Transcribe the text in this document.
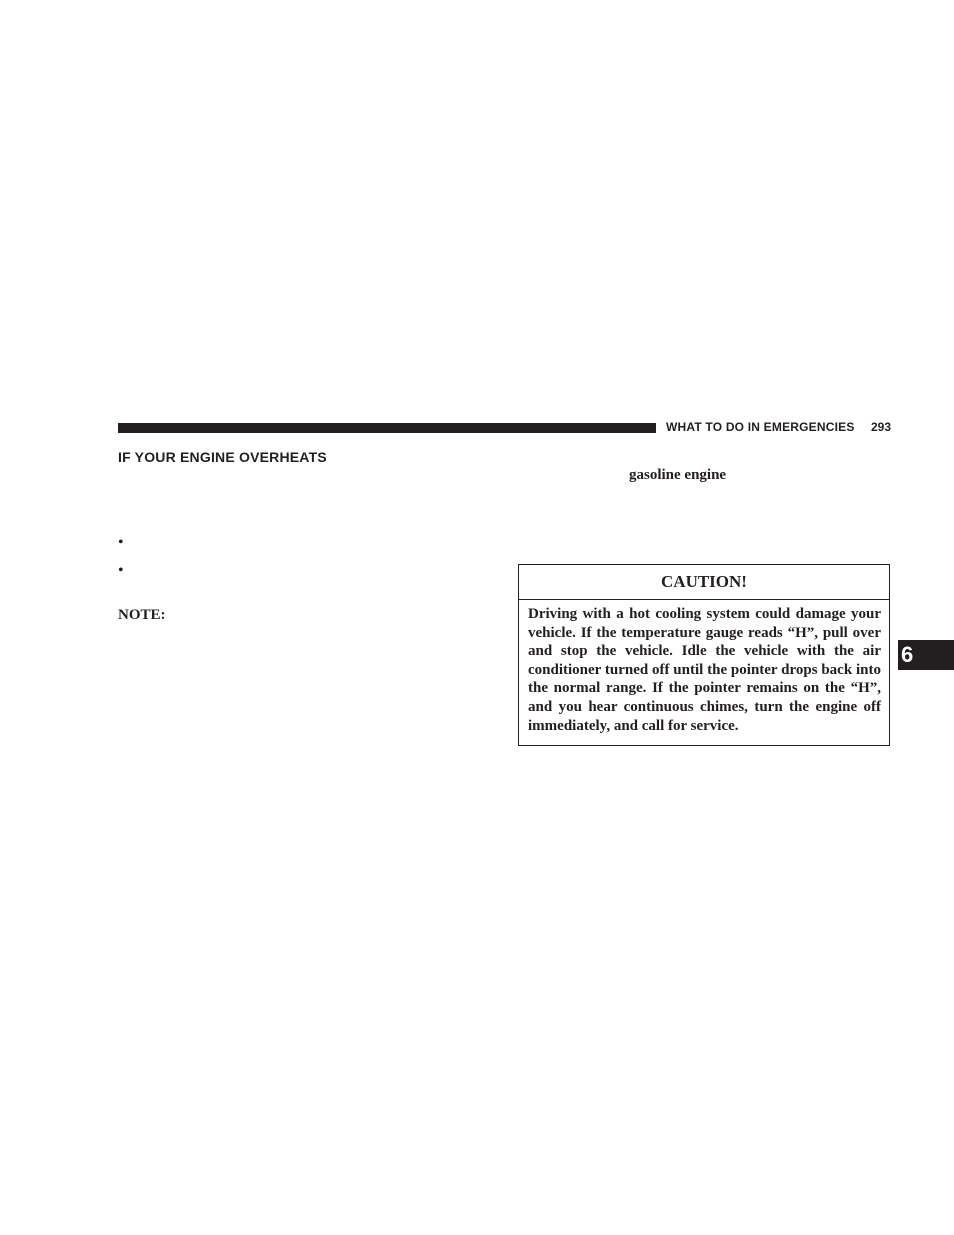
WHAT TO DO IN EMERGENCIES 293
IF YOUR ENGINE OVERHEATS
gasoline engine
•
•
NOTE:
CAUTION!
Driving with a hot cooling system could damage your vehicle. If the temperature gauge reads “H”, pull over and stop the vehicle. Idle the vehicle with the air conditioner turned off until the pointer drops back into the normal range. If the pointer remains on the “H”, and you hear continuous chimes, turn the engine off immediately, and call for service.
6
